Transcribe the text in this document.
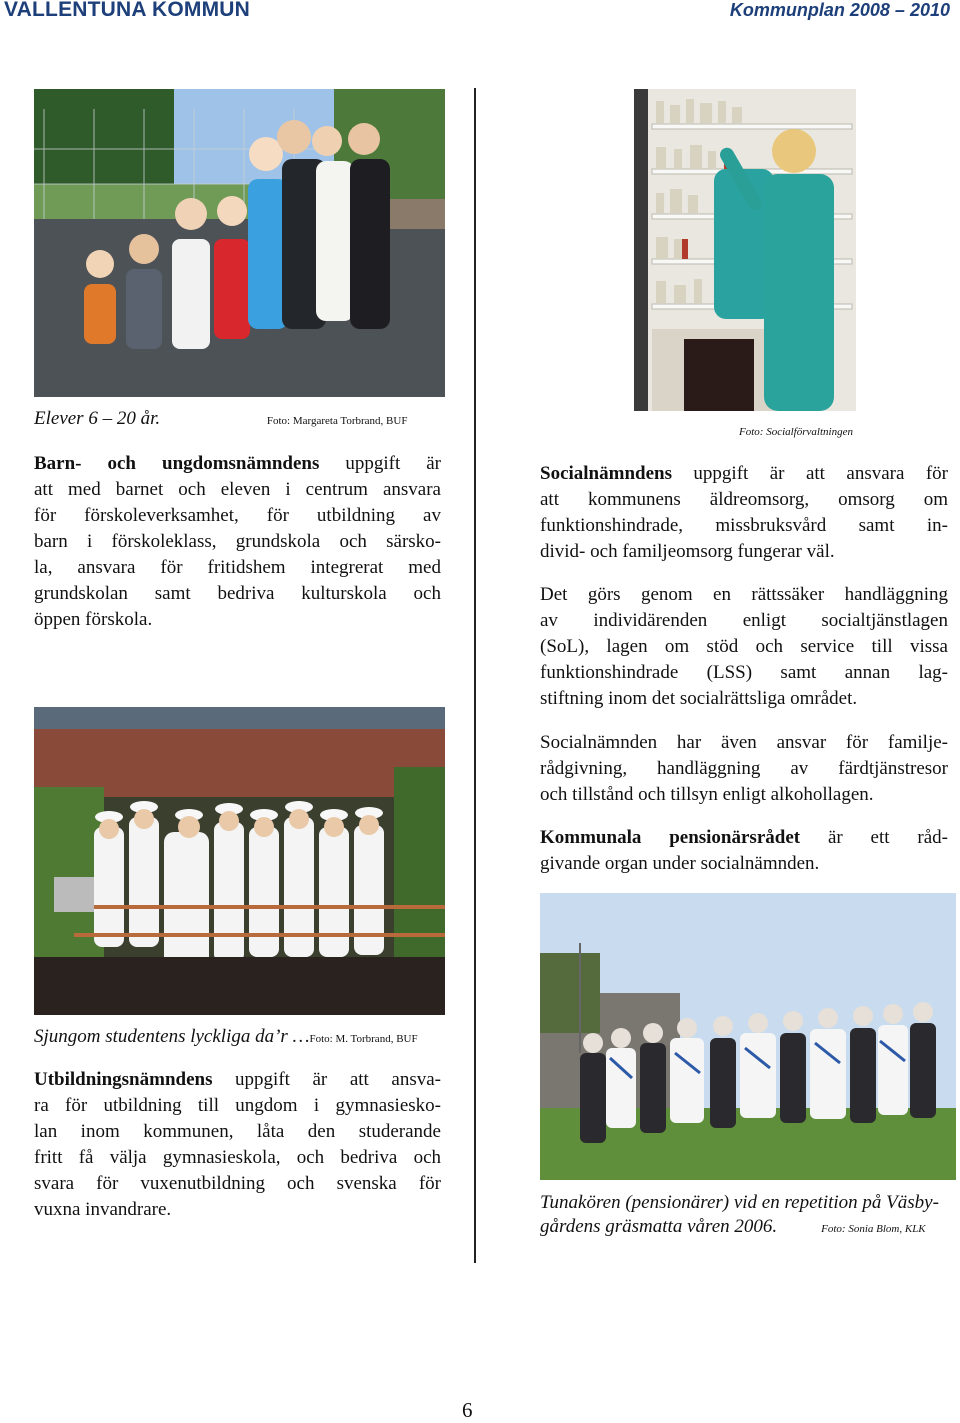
VALLENTUNA KOMMUN	Kommunplan 2008 – 2010
Elever 6 – 20 år.	Foto: Margareta Torbrand, BUF
Foto: Socialförvaltningen
Barn- och ungdomsnämndens uppgift är
att med barnet och eleven i centrum ansvara
för förskoleverksamhet, för utbildning av
barn i förskoleklass, grundskola och särsko-
la, ansvara för fritidshem integrerat med
grundskolan samt bedriva kulturskola och
öppen förskola.
Socialnämndens uppgift är att ansvara för
att kommunens äldreomsorg, omsorg om
funktionshindrade, missbruksvård samt in-
divid- och familjeomsorg fungerar väl.
Det görs genom en rättssäker handläggning
av individärenden enligt socialtjänstlagen
(SoL), lagen om stöd och service till vissa
funktionshindrade (LSS) samt annan lag-
stiftning inom det socialrättsliga området.
Socialnämnden har även ansvar för familje-
rådgivning, handläggning av färdtjänstresor
och tillstånd och tillsyn enligt alkohollagen.
Kommunala pensionärsrådet är ett råd-
givande organ under socialnämnden.
Sjungom studentens lyckliga da’r …Foto: M. Torbrand, BUF
Utbildningsnämndens uppgift är att ansva-
ra för utbildning till ungdom i gymnasiesko-
lan inom kommunen, låta den studerande
fritt få välja gymnasieskola, och bedriva och
svara för vuxenutbildning och svenska för
vuxna invandrare.	Tunakören (pensionärer) vid en repetition på Väsby-
gårdens gräsmatta våren 2006.	Foto: Sonia Blom, KLK
6
